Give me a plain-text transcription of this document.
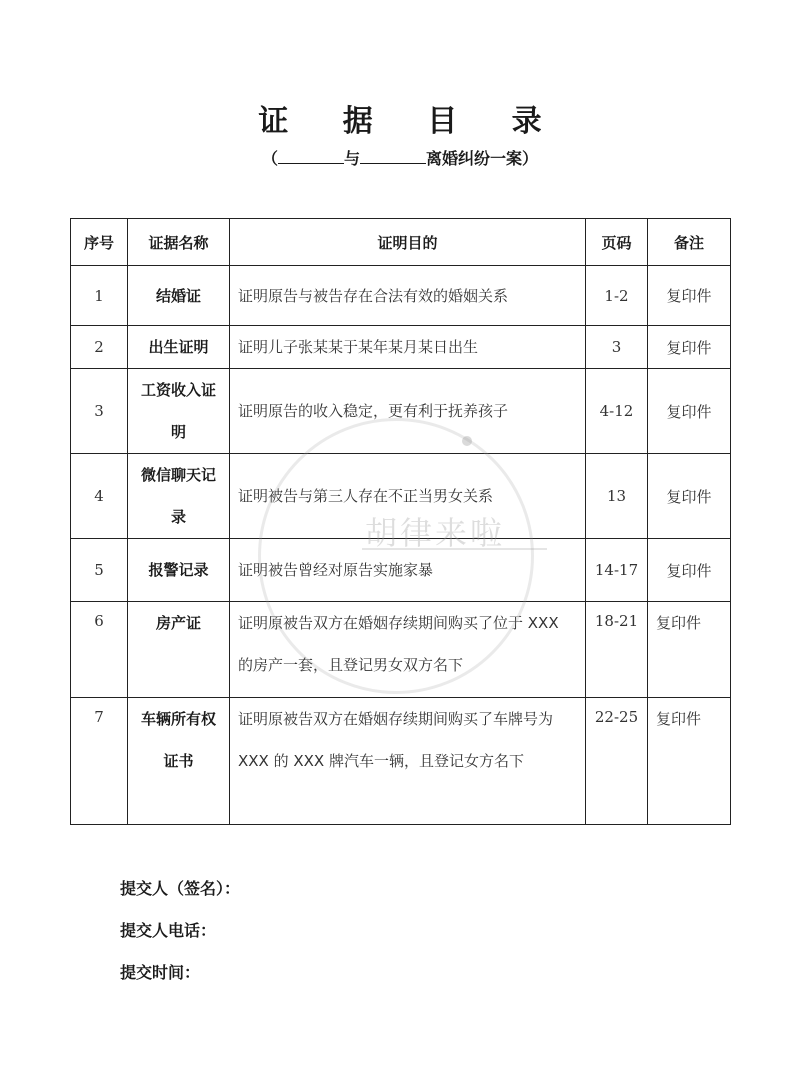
证 据 目 录
（	与	离婚纠纷一案）
序号	证据名称	证明目的	页码	备注
1	结婚证	证明原告与被告存在合法有效的婚姻关系	1-2	复印件
2	出生证明	证明儿子张某某于某年某月某日出生	3	复印件
3	工资收入证明	证明原告的收入稳定，更有利于抚养孩子	4-12	复印件
4	微信聊天记录	证明被告与第三人存在不正当男女关系	13	复印件
5	报警记录	证明被告曾经对原告实施家暴	14-17	复印件
6	房产证	证明原被告双方在婚姻存续期间购买了位于 XXX 的房产一套，且登记男女双方名下	18-21	复印件
7	车辆所有权证书	证明原被告双方在婚姻存续期间购买了车牌号为 XXX 的 XXX 牌汽车一辆，且登记女方名下	22-25	复印件
胡律来啦
提交人（签名）：
提交人电话：
提交时间：
